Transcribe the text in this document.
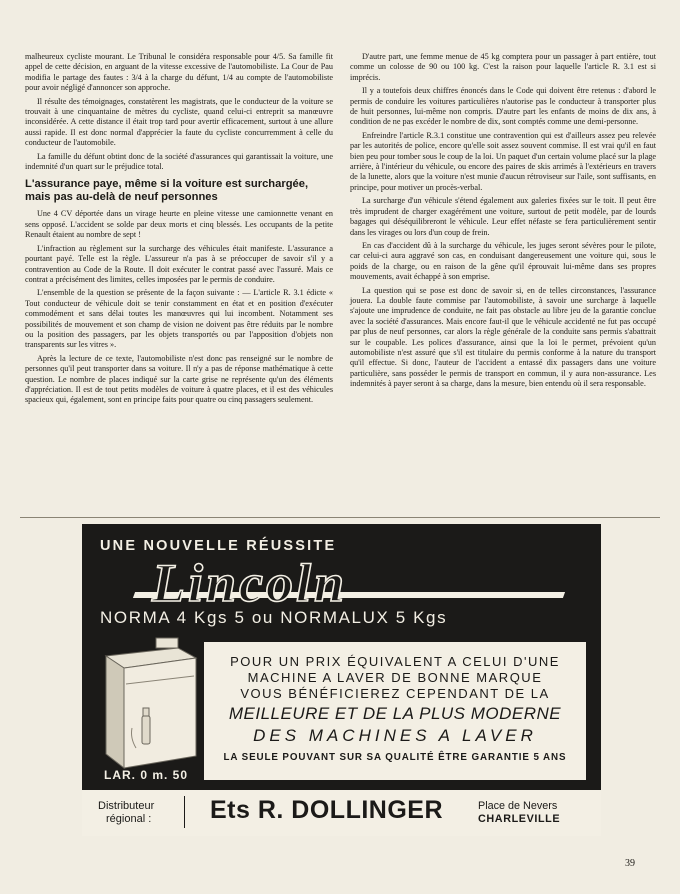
malheureux cycliste mourant. Le Tribunal le considéra responsable pour 4/5. Sa famille fit appel de cette décision, en arguant de la vitesse excessive de l'automobiliste. La Cour de Pau modifia le partage des fautes : 3/4 à la charge du défunt, 1/4 au compte de l'automobiliste pour avoir négligé d'annoncer son approche.

Il résulte des témoignages, constatèrent les magistrats, que le conducteur de la voiture se trouvait à une cinquantaine de mètres du cycliste, quand celui-ci entreprit sa manœuvre inconsidérée. A cette distance il était trop tard pour avertir efficacement, surtout à une allure aussi rapide. Il est donc normal d'apprécier la faute du cycliste concurremment à celle du conducteur de l'automobile.

La famille du défunt obtint donc de la société d'assurances qui garantissait la voiture, une indemnité d'un quart sur le préjudice total.

L'assurance paye, même si la voiture est surchargée, mais pas au-delà de neuf personnes

Une 4 CV déportée dans un virage heurte en pleine vitesse une camionnette venant en sens opposé. L'accident se solde par deux morts et cinq blessés. Les occupants de la petite Renault étaient au nombre de sept !

L'infraction au règlement sur la surcharge des véhicules était manifeste. L'assurance a pourtant payé. Telle est la règle. L'assureur n'a pas à se préoccuper de savoir s'il y a contravention au Code de la Route. Il doit exécuter le contrat passé avec l'assuré. Mais ce contrat a précisément des limites, celles imposées par le permis de conduire.

L'ensemble de la question se présente de la façon suivante : — L'article R. 3.1 édicte « Tout conducteur de véhicule doit se tenir constamment en état et en position d'exécuter commodément et sans délai toutes les manœuvres qui lui incombent. Notamment ses possibilités de mouvement et son champ de vision ne doivent pas être réduits par le nombre ou la position des passagers, par les objets transportés ou par l'apposition d'objets non transparents sur les vitres ».

Après la lecture de ce texte, l'automobiliste n'est donc pas renseigné sur le nombre de personnes qu'il peut transporter dans sa voiture. Il n'y a pas de réponse mathématique à cette question. Le nombre de places indiqué sur la carte grise ne représente qu'un des éléments d'appréciation. Il est de tout petits modèles de voiture à quatre places, et il est des véhicules spacieux qui, également, sont en principe faits pour quatre ou cinq passagers seulement.

D'autre part, une femme menue de 45 kg comptera pour un passager à part entière, tout comme un colosse de 90 ou 100 kg. C'est la raison pour laquelle l'article R. 3.1 est si imprécis.

Il y a toutefois deux chiffres énoncés dans le Code qui doivent être retenus : d'abord le permis de conduire les voitures particulières n'autorise pas le conducteur à transporter plus de huit personnes, lui-même non compris. D'autre part les enfants de moins de dix ans, à condition de ne pas excéder le nombre de dix, sont comptés comme une demi-personne.

Enfreindre l'article R.3.1 constitue une contravention qui est d'ailleurs assez peu relevée par les autorités de police, encore qu'elle soit assez souvent commise. Il est vrai qu'il en faut bien peu pour tomber sous le coup de la loi. Un paquet d'un certain volume placé sur la plage arrière, à l'intérieur du véhicule, ou encore des paires de skis arrimés à l'extérieurs en travers de la lunette, alors que la voiture n'est munie d'aucun rétroviseur sur l'aile, sont suffisants, en principe, pour motiver un procès-verbal.

La surcharge d'un véhicule s'étend également aux galeries fixées sur le toit. Il peut être très imprudent de charger exagérément une voiture, surtout de petit modèle, par de lourds bagages qui déséquilibreront le véhicule. Leur effet néfaste se fera particulièrement sentir dans les virages ou lors d'un coup de frein.

En cas d'accident dû à la surcharge du véhicule, les juges seront sévères pour le pilote, car celui-ci aura aggravé son cas, en conduisant dangereusement une voiture qui, sous le poids de la charge, ou en raison de la gêne qu'il éprouvait lui-même dans ses propres mouvements, avait échappé à son emprise.

La question qui se pose est donc de savoir si, en de telles circonstances, l'assurance jouera. La double faute commise par l'automobiliste, à savoir une surcharge à laquelle s'ajoute une imprudence de conduite, ne fait pas obstacle au libre jeu de la garantie conclue avec la société d'assurances. Mais encore faut-il que le véhicule accidenté ne fut pas occupé par plus de neuf personnes, car alors la règle générale de la conduite sans permis s'abattrait sur le coupable. Les polices d'assurance, ainsi que la loi le permet, prévoient qu'un automobiliste n'est assuré que s'il est titulaire du permis conforme à la nature du transport qu'il effectue. Si donc, l'auteur de l'accident a entassé dix passagers dans une voiture particulière, sans posséder le permis de transport en commun, il y aura non-assurance. Les indemnités à payer seront à sa charge, dans la mesure, bien entendu où il sera responsable.

UNE NOUVELLE RÉUSSITE
Lincoln
NORMA 4 Kgs 5 ou NORMALUX 5 Kgs
LAR. 0 m. 50
POUR UN PRIX ÉQUIVALENT A CELUI D'UNE
MACHINE A LAVER DE BONNE MARQUE
VOUS BÉNÉFICIEREZ CEPENDANT DE LA
MEILLEURE ET DE LA PLUS MODERNE
DES MACHINES A LAVER
LA SEULE POUVANT SUR SA QUALITÉ ÊTRE GARANTIE 5 ANS
Distributeur
régional : Ets R. DOLLINGER	Place de Nevers
CHARLEVILLE
39
